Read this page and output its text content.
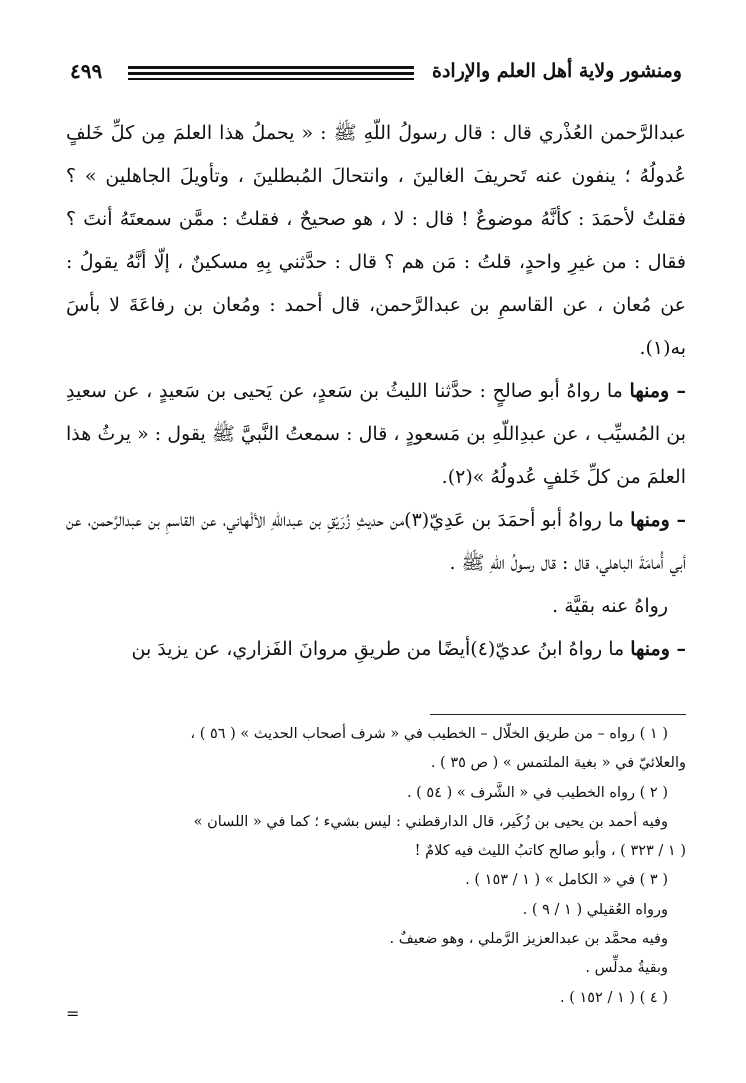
ومنشور ولاية أهل العلم والإرادة
٤٩٩

عبدالرَّحمن العُذْري قال : قال رسولُ اللّهِ ﷺ : « يحملُ هذا العلمَ مِن كلِّ خَلفٍ عُدولُهُ ؛ ينفون عنه تَحريفَ الغالينَ ، وانتحالَ المُبطلينَ ، وتأويلَ الجاهلين » ؟ فقلتُ لأحمَدَ : كأنَّهُ موضوعٌ ! قال : لا ، هو صحيحٌ ، فقلتُ : ممَّن سمعتَهُ أنتَ ؟ فقال : من غيرِ واحدٍ، قلتُ : مَن هم ؟ قال : حدَّثني بِهِ مسكينٌ ، إلّا أنَّهُ يقولُ : عن مُعان ، عن القاسمِ بن عبدالرَّحمن، قال أحمد : ومُعان بن رفاعَةَ لا بأسَ به(١).

– ومنها ما رواهُ أبو صالحٍ : حدَّثنا الليثُ بن سَعدٍ، عن يَحيى بن سَعيدٍ ، عن سعيدِ بن المُسيِّب ، عن عبدِاللّهِ بن مَسعودٍ ، قال : سمعتُ النَّبيَّ ﷺ يقول : « يرثُ هذا العلمَ من كلِّ خَلفٍ عُدولُهُ »(٢).

– ومنها ما رواهُ أبو أحمَدَ بن عَدِيّ(٣)من حديثِ زُرَيْقِ بن عبداللّهِ الألْهاني، عن القاسمِ بن عبدالرَّحمن، عن أبي أُمامَةَ الباهلي، قال : قال رسولُ اللّهِ ﷺ .

رواهُ عنه بقيَّة .

– ومنها ما رواهُ ابنُ عديّ(٤)أيضًا من طريقِ مروانَ الفَزاري، عن يزيدَ بن

( ١ ) رواه – من طريق الخلّال – الخطيب في « شرف أصحاب الحديث » ( ٥٦ ) ،

والعلائيّ في « بغية الملتمس » ( ص ٣٥ ) .

( ٢ ) رواه الخطيب في « الشَّرف » ( ٥٤ ) .

وفيه أحمد بن يحيى بن زُكَير، قال الدارقطني : ليس بشيء ؛ كما في « اللسان »

( ١ / ٣٢٣ ) ، وأبو صالح كاتبُ الليث فيه كلامٌ !

( ٣ ) في « الكامل » ( ١ / ١٥٣ ) .

ورواه العُقيلي ( ١ / ٩ ) .

وفيه محمَّد بن عبدالعزيز الرَّملي ، وهو ضعيفٌ .

وبقيةُ مدلِّس .

( ٤ ) ( ١ / ١٥٢ ) .

=
